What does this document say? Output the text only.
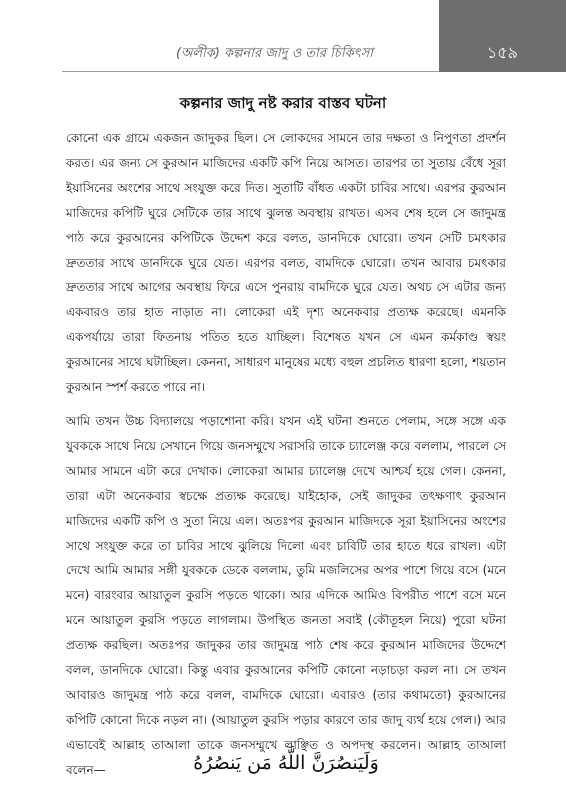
(অলীক) কল্পনার জাদু ও তার চিকিৎসা	১৫৯
কল্পনার জাদু নষ্ট করার বাস্তব ঘটনা

কোনো এক গ্রামে একজন জাদুকর ছিল। সে লোকদের সামনে তার দক্ষতা ও নিপুণতা প্রদর্শন করত। এর জন্য সে কুরআন মাজিদের একটি কপি নিয়ে আসত। তারপর তা সুতায় বেঁধে সূরা ইয়াসিনের অংশের সাথে সংযুক্ত করে দিত। সুতাটি বাঁধত একটা চাবির সাথে। এরপর কুরআন মাজিদের কপিটি ঘুরে সেটিকে তার সাথে ঝুলন্ত অবস্থায় রাখত। এসব শেষ হলে সে জাদুমন্ত্র পাঠ করে কুরআনের কপিটিকে উদ্দেশ করে বলত, ডানদিকে ঘোরো। তখন সেটি চমৎকার দ্রুততার সাথে ডানদিকে ঘুরে যেত। এরপর বলত, বামদিকে ঘোরো। তখন আবার চমৎকার দ্রুততার সাথে আগের অবস্থায় ফিরে এসে পুনরায় বামদিকে ঘুরে যেত। অথচ সে এটার জন্য একবারও তার হাত নাড়াত না। লোকেরা এই দৃশ্য অনেকবার প্রত্যক্ষ করেছে। এমনকি একপর্যায়ে তারা ফিতনায় পতিত হতে যাচ্ছিল। বিশেষত যখন সে এমন কর্মকাণ্ড স্বয়ং কুরআনের সাথে ঘটাচ্ছিল। কেননা, সাধারণ মানুষের মধ্যে বহুল প্রচলিত ধারণা হলো, শয়তান কুরআন স্পর্শ করতে পারে না।

আমি তখন উচ্চ বিদ্যালয়ে পড়াশোনা করি। যখন এই ঘটনা শুনতে পেলাম, সঙ্গে সঙ্গে এক যুবককে সাথে নিয়ে সেখানে গিয়ে জনসম্মুখে সরাসরি তাকে চ্যালেঞ্জ করে বললাম, পারলে সে আমার সামনে এটা করে দেখাক। লোকেরা আমার চ্যালেঞ্জ দেখে আশ্চর্য হয়ে গেল। কেননা, তারা এটা অনেকবার স্বচক্ষে প্রত্যক্ষ করেছে। যাইহোক, সেই জাদুকর তৎক্ষণাৎ কুরআন মাজিদের একটি কপি ও সুতা নিয়ে এল। অতঃপর কুরআন মাজিদকে সূরা ইয়াসিনের অংশের সাথে সংযুক্ত করে তা চাবির সাথে ঝুলিয়ে দিলো এবং চাবিটি তার হাতে ধরে রাখল। এটা দেখে আমি আমার সঙ্গী যুবককে ডেকে বললাম, তুমি মজলিসের অপর পাশে গিয়ে বসে (মনে মনে) বারংবার আয়াতুল কুরসি পড়তে থাকো। আর এদিকে আমিও বিপরীত পাশে বসে মনে মনে আয়াতুল কুরসি পড়তে লাগলাম। উপস্থিত জনতা সবাই (কৌতূহল নিয়ে) পুরো ঘটনা প্রত্যক্ষ করছিল। অতঃপর জাদুকর তার জাদুমন্ত্র পাঠ শেষ করে কুরআন মাজিদের উদ্দেশে বলল, ডানদিকে ঘোরো। কিন্তু এবার কুরআনের কপিটি কোনো নড়াচড়া করল না। সে তখন আবারও জাদুমন্ত্র পাঠ করে বলল, বামদিকে ঘোরো। এবারও (তার কথামতো) কুরআনের কপিটি কোনো দিকে নড়ল না। (আয়াতুল কুরসি পড়ার কারণে তার জাদু ব্যর্থ হয়ে গেল।) আর এভাবেই আল্লাহ তাআলা তাকে জনসম্মুখে লাঞ্ছিত ও অপদস্থ করলেন। আল্লাহ তাআলা বলেন—	وَلَيَنصُرَنَّ اللَّهُ مَن يَنصُرُهُ
